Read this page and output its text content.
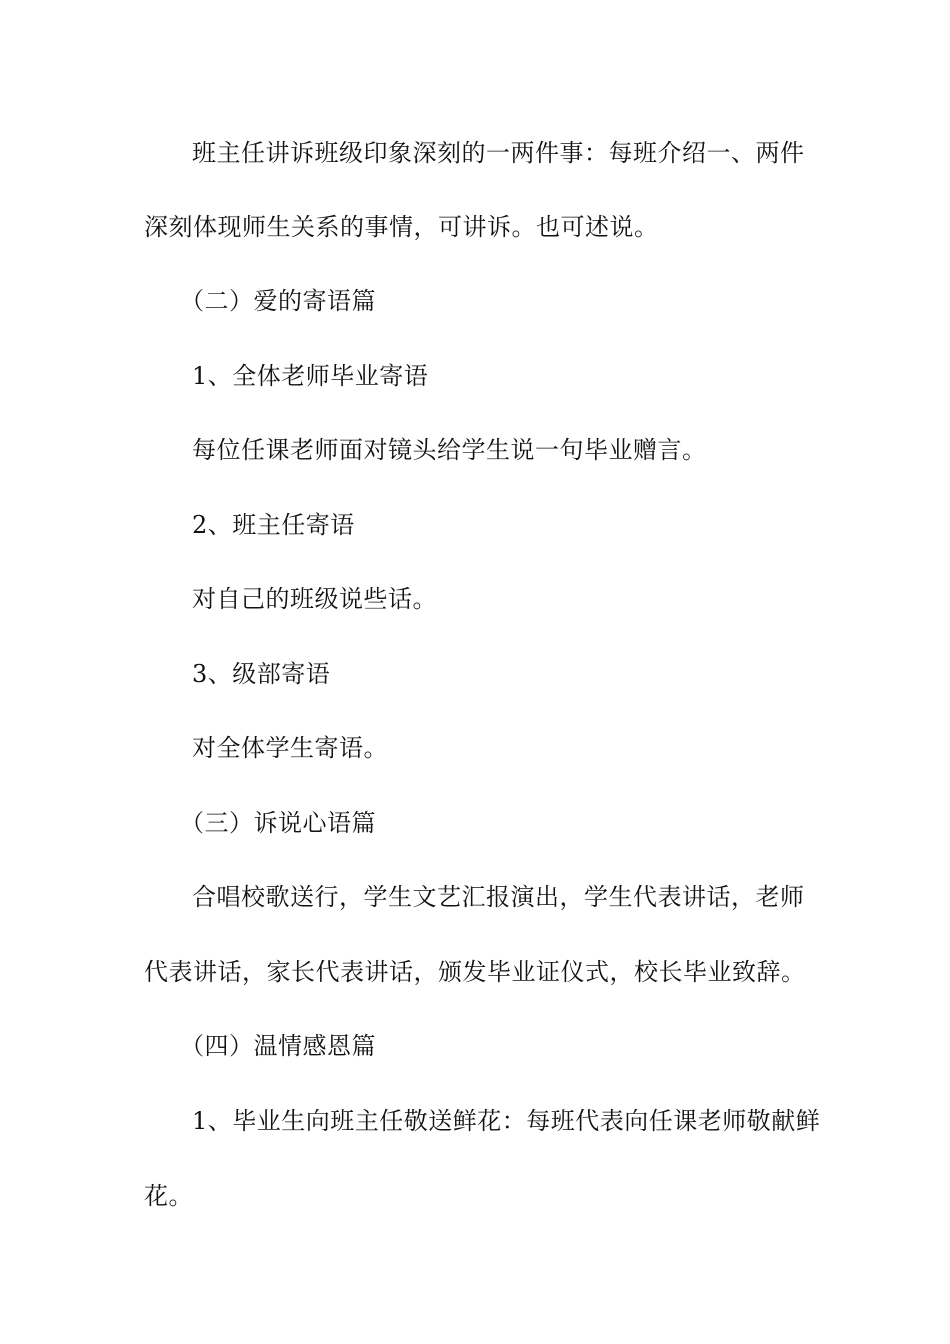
班主任讲诉班级印象深刻的一两件事：每班介绍一、两件
深刻体现师生关系的事情，可讲诉。也可述说。
（二）爱的寄语篇
1、全体老师毕业寄语
每位任课老师面对镜头给学生说一句毕业赠言。
2、班主任寄语
对自己的班级说些话。
3、级部寄语
对全体学生寄语。
（三）诉说心语篇
合唱校歌送行，学生文艺汇报演出，学生代表讲话，老师
代表讲话，家长代表讲话，颁发毕业证仪式，校长毕业致辞。
（四）温情感恩篇
1、毕业生向班主任敬送鲜花：每班代表向任课老师敬献鲜
花。
